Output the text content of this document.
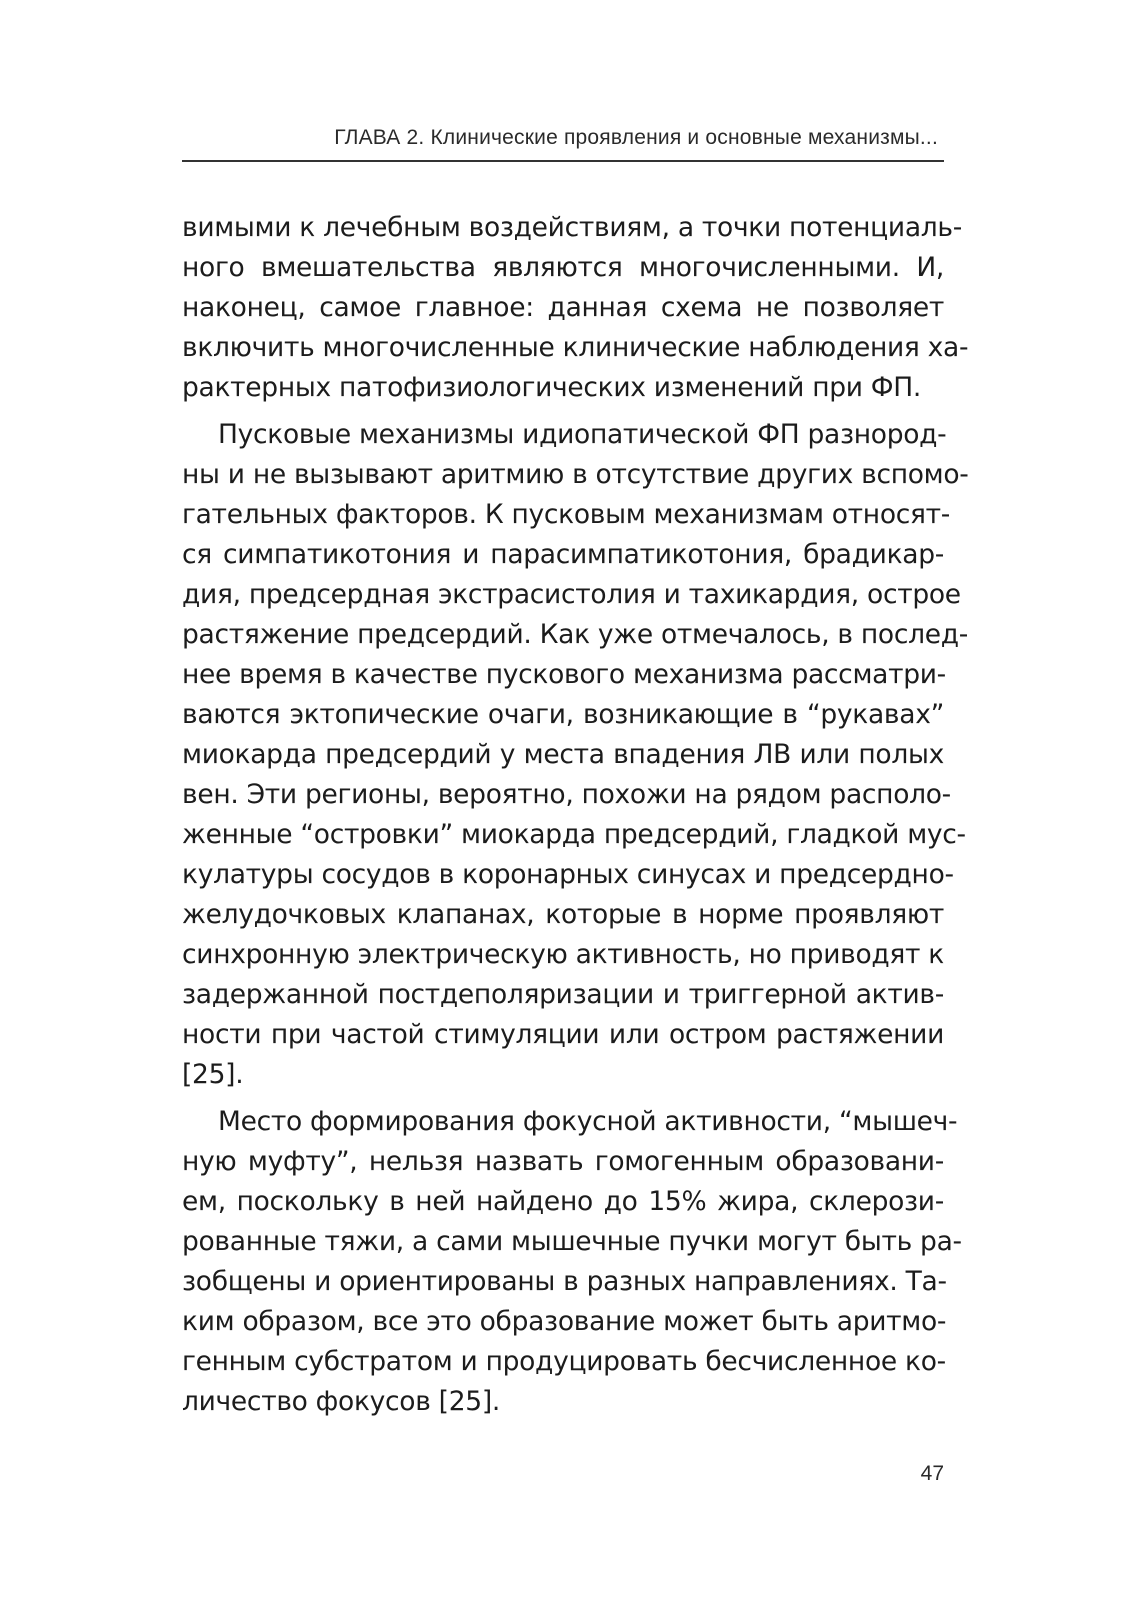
ГЛАВА 2. Клинические проявления и основные механизмы...
вимыми к лечебным воздействиям, а точки потенциаль-
ного вмешательства являются многочисленными. И,
наконец, самое главное: данная схема не позволяет
включить многочисленные клинические наблюдения ха-
рактерных патофизиологических изменений при ФП.
Пусковые механизмы идиопатической ФП разнород-
ны и не вызывают аритмию в отсутствие других вспомо-
гательных факторов. К пусковым механизмам относят-
ся симпатикотония и парасимпатикотония, брадикар-
дия, предсердная экстрасистолия и тахикардия, острое
растяжение предсердий. Как уже отмечалось, в послед-
нее время в качестве пускового механизма рассматри-
ваются эктопические очаги, возникающие в “рукавах”
миокарда предсердий у места впадения ЛВ или полых
вен. Эти регионы, вероятно, похожи на рядом располо-
женные “островки” миокарда предсердий, гладкой мус-
кулатуры сосудов в коронарных синусах и предсердно-
желудочковых клапанах, которые в норме проявляют
синхронную электрическую активность, но приводят к
задержанной постдеполяризации и триггерной актив-
ности при частой стимуляции или остром растяжении
[25].
Место формирования фокусной активности, “мышеч-
ную муфту”, нельзя назвать гомогенным образовани-
ем, поскольку в ней найдено до 15% жира, склерози-
рованные тяжи, а сами мышечные пучки могут быть ра-
зобщены и ориентированы в разных направлениях. Та-
ким образом, все это образование может быть аритмо-
генным субстратом и продуцировать бесчисленное ко-
личество фокусов [25].
47
